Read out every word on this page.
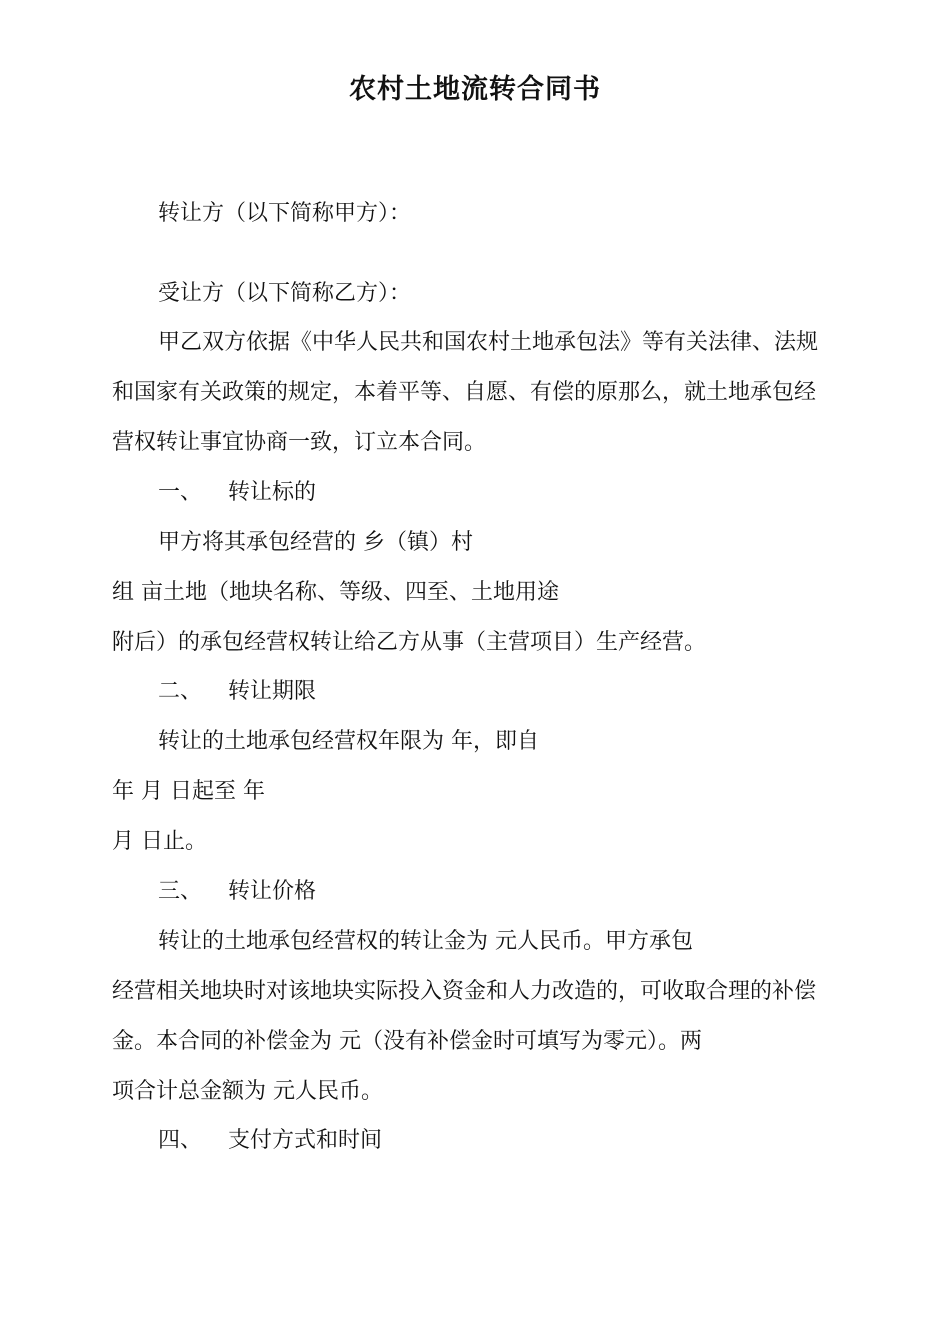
农村土地流转合同书

转让方（以下简称甲方）：

受让方（以下简称乙方）：

甲乙双方依据《中华人民共和国农村土地承包法》等有关法律、法规

和国家有关政策的规定，本着平等、自愿、有偿的原那么，就土地承包经

营权转让事宜协商一致，订立本合同。

一、 转让标的

甲方将其承包经营的 乡（镇）村

组 亩土地（地块名称、等级、四至、土地用途

附后）的承包经营权转让给乙方从事（主营项目）生产经营。

二、 转让期限

转让的土地承包经营权年限为 年，即自

年 月 日起至 年

月 日止。

三、 转让价格

转让的土地承包经营权的转让金为 元人民币。甲方承包

经营相关地块时对该地块实际投入资金和人力改造的，可收取合理的补偿

金。本合同的补偿金为 元（没有补偿金时可填写为零元）。两

项合计总金额为 元人民币。

四、 支付方式和时间
